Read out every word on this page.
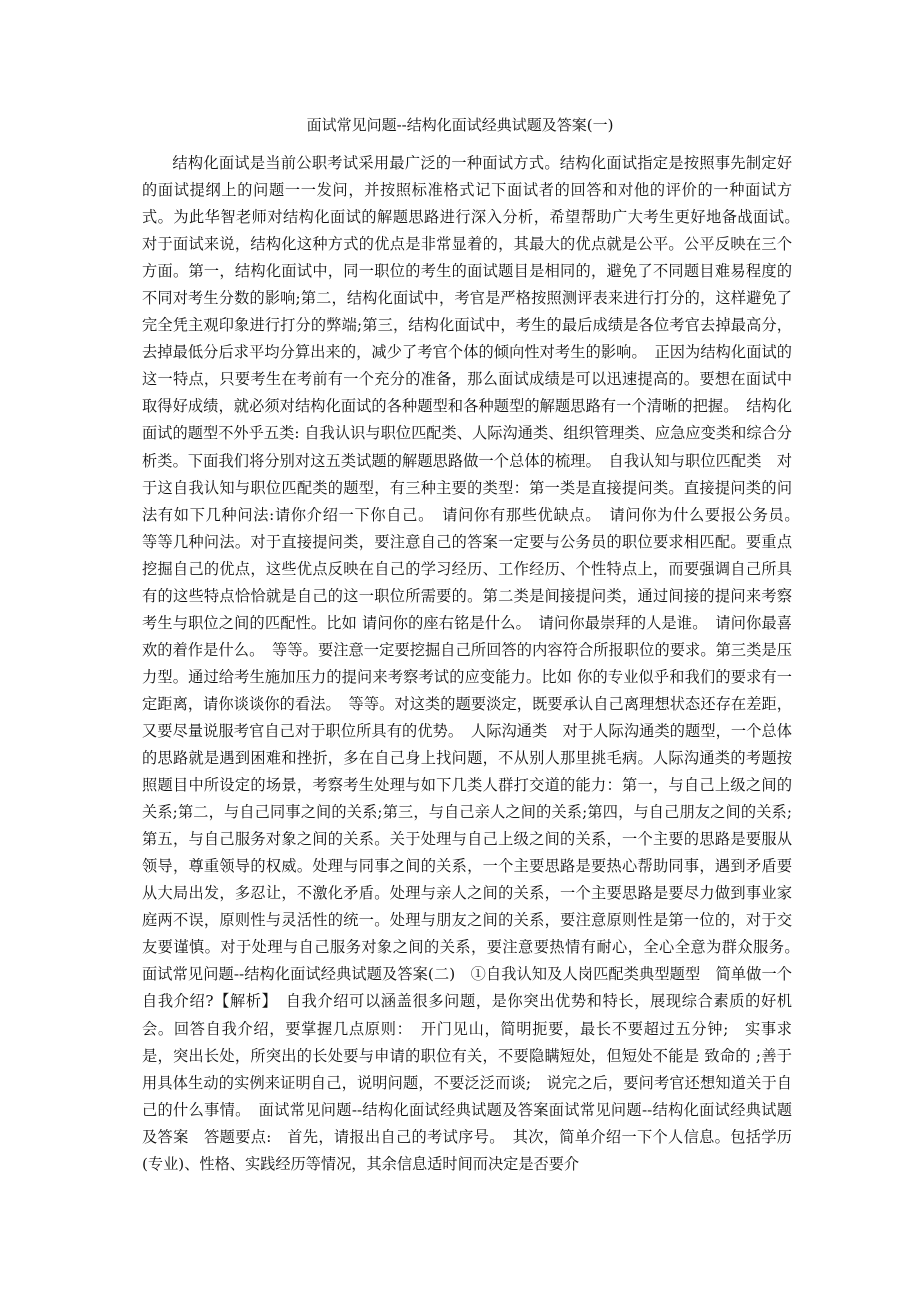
面试常见问题--结构化面试经典试题及答案(一)

结构化面试是当前公职考试采用最广泛的一种面试方式。结构化面试指定是按照事先制定好的面试提纲上的问题一一发问，并按照标准格式记下面试者的回答和对他的评价的一种面试方式。为此华智老师对结构化面试的解题思路进行深入分析，希望帮助广大考生更好地备战面试。　对于面试来说，结构化这种方式的优点是非常显着的，其最大的优点就是公平。公平反映在三个方面。第一，结构化面试中，同一职位的考生的面试题目是相同的，避免了不同题目难易程度的不同对考生分数的影响;第二，结构化面试中，考官是严格按照测评表来进行打分的，这样避免了完全凭主观印象进行打分的弊端;第三，结构化面试中，考生的最后成绩是各位考官去掉最高分，去掉最低分后求平均分算出来的，减少了考官个体的倾向性对考生的影响。　正因为结构化面试的这一特点，只要考生在考前有一个充分的准备，那么面试成绩是可以迅速提高的。要想在面试中取得好成绩，就必须对结构化面试的各种题型和各种题型的解题思路有一个清晰的把握。　结构化面试的题型不外乎五类: 自我认识与职位匹配类、人际沟通类、组织管理类、应急应变类和综合分析类。下面我们将分别对这五类试题的解题思路做一个总体的梳理。　自我认知与职位匹配类　对于这自我认知与职位匹配类的题型，有三种主要的类型：第一类是直接提问类。直接提问类的问法有如下几种问法:请你介绍一下你自己。　请问你有那些优缺点。　请问你为什么要报公务员。　等等几种问法。对于直接提问类，要注意自己的答案一定要与公务员的职位要求相匹配。要重点挖掘自己的优点，这些优点反映在自己的学习经历、工作经历、个性特点上，而要强调自己所具有的这些特点恰恰就是自己的这一职位所需要的。第二类是间接提问类，通过间接的提问来考察考生与职位之间的匹配性。比如 请问你的座右铭是什么。　请问你最崇拜的人是谁。　请问你最喜欢的着作是什么。　等等。要注意一定要挖掘自己所回答的内容符合所报职位的要求。第三类是压力型。通过给考生施加压力的提问来考察考试的应变能力。比如 你的专业似乎和我们的要求有一定距离，请你谈谈你的看法。　等等。对这类的题要淡定，既要承认自己离理想状态还存在差距，又要尽量说服考官自己对于职位所具有的优势。　人际沟通类　对于人际沟通类的题型，一个总体的思路就是遇到困难和挫折，多在自己身上找问题，不从别人那里挑毛病。人际沟通类的考题按照题目中所设定的场景，考察考生处理与如下几类人群打交道的能力：第一，与自己上级之间的关系;第二，与自己同事之间的关系;第三，与自己亲人之间的关系;第四，与自己朋友之间的关系;第五，与自己服务对象之间的关系。关于处理与自己上级之间的关系，一个主要的思路是要服从领导，尊重领导的权威。处理与同事之间的关系，一个主要思路是要热心帮助同事，遇到矛盾要从大局出发，多忍让，不激化矛盾。处理与亲人之间的关系，一个主要思路是要尽力做到事业家庭两不误，原则性与灵活性的统一。处理与朋友之间的关系，要注意原则性是第一位的，对于交友要谨慎。对于处理与自己服务对象之间的关系，要注意要热情有耐心，全心全意为群众服务。　面试常见问题--结构化面试经典试题及答案(二)　①自我认知及人岗匹配类典型题型　简单做一个自我介绍?【解析】　自我介绍可以涵盖很多问题，是你突出优势和特长，展现综合素质的好机会。回答自我介绍，要掌握几点原则：　开门见山，简明扼要，最长不要超过五分钟;　实事求是，突出长处，所突出的长处要与申请的职位有关，不要隐瞒短处，但短处不能是 致命的 ;善于用具体生动的实例来证明自己，说明问题，不要泛泛而谈;　说完之后，要问考官还想知道关于自己的什么事情。　面试常见问题--结构化面试经典试题及答案面试常见问题--结构化面试经典试题及答案　答题要点:　首先，请报出自己的考试序号。　其次，简单介绍一下个人信息。包括学历(专业)、性格、实践经历等情况，其余信息适时间而决定是否要介
